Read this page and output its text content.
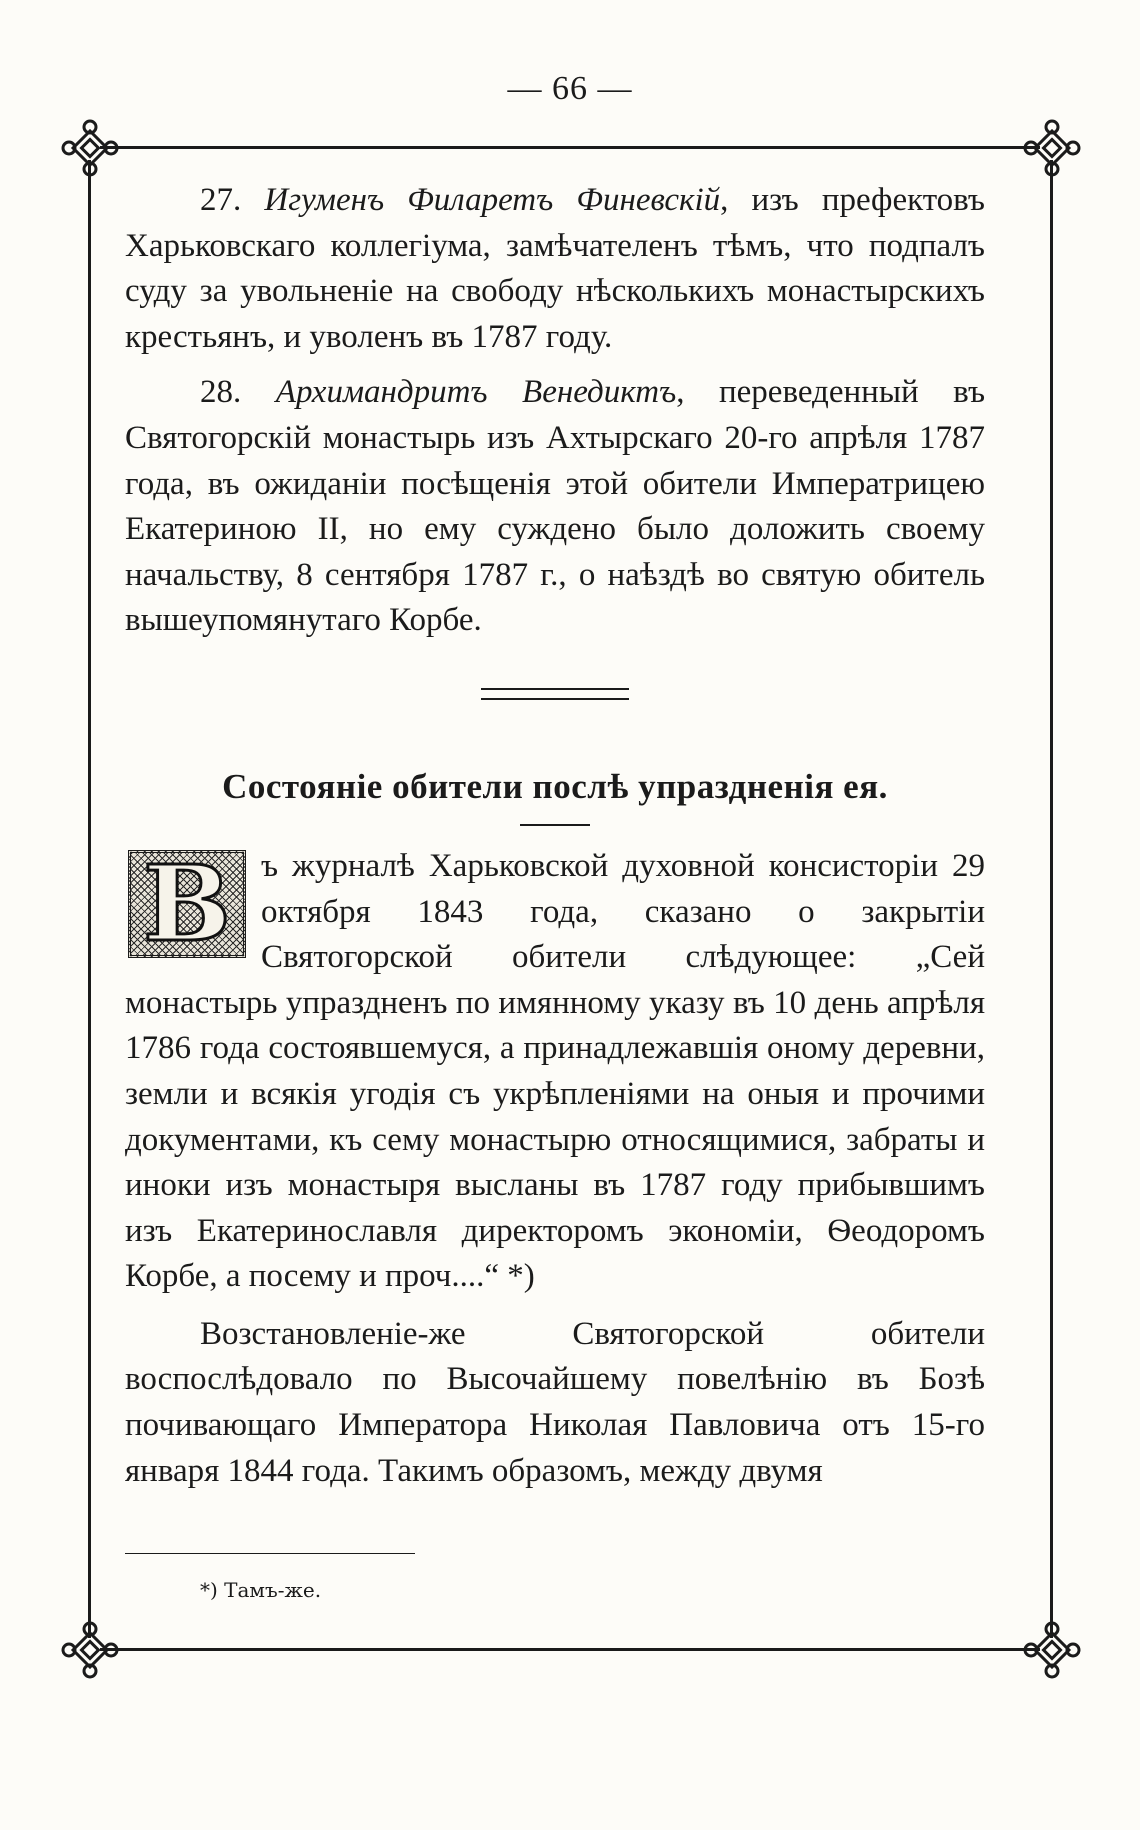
— 66 —

27. Игуменъ Филаретъ Финевскій, изъ префектовъ Харьковскаго коллегіума, замѣчателенъ тѣмъ, что подпалъ суду за увольненіе на свободу нѣсколькихъ монастырскихъ крестьянъ, и уволенъ въ 1787 году.

28. Архимандритъ Венедиктъ, переведенный въ Святогорскій монастырь изъ Ахтырскаго 20-го апрѣля 1787 года, въ ожиданіи посѣщенія этой обители Императрицею Екатериною II, но ему суждено было доложить своему начальству, 8 сентября 1787 г., о наѣздѣ во святую обитель вышеупомянутаго Корбе.

Состояніе обители послѣ упраздненія ея.

В ъ журналѣ Харьковской духовной консисторіи 29 октября 1843 года, сказано о закрытіи Святогорской обители слѣдующее: „Сей монастырь упраздненъ по имянному указу въ 10 день апрѣля 1786 года состоявшемуся, а принадлежавшія оному деревни, земли и всякія угодія съ укрѣпленіями на оныя и прочими документами, къ сему монастырю относящимися, забраты и иноки изъ монастыря высланы въ 1787 году прибывшимъ изъ Екатеринославля директоромъ экономіи, Ѳеодоромъ Корбе, а посему и проч....“ *)

Возстановленіе-же Святогорской обители воспослѣдовало по Высочайшему повелѣнію въ Бозѣ почивающаго Императора Николая Павловича отъ 15-го января 1844 года. Такимъ образомъ, между двумя

*) Тамъ-же.
